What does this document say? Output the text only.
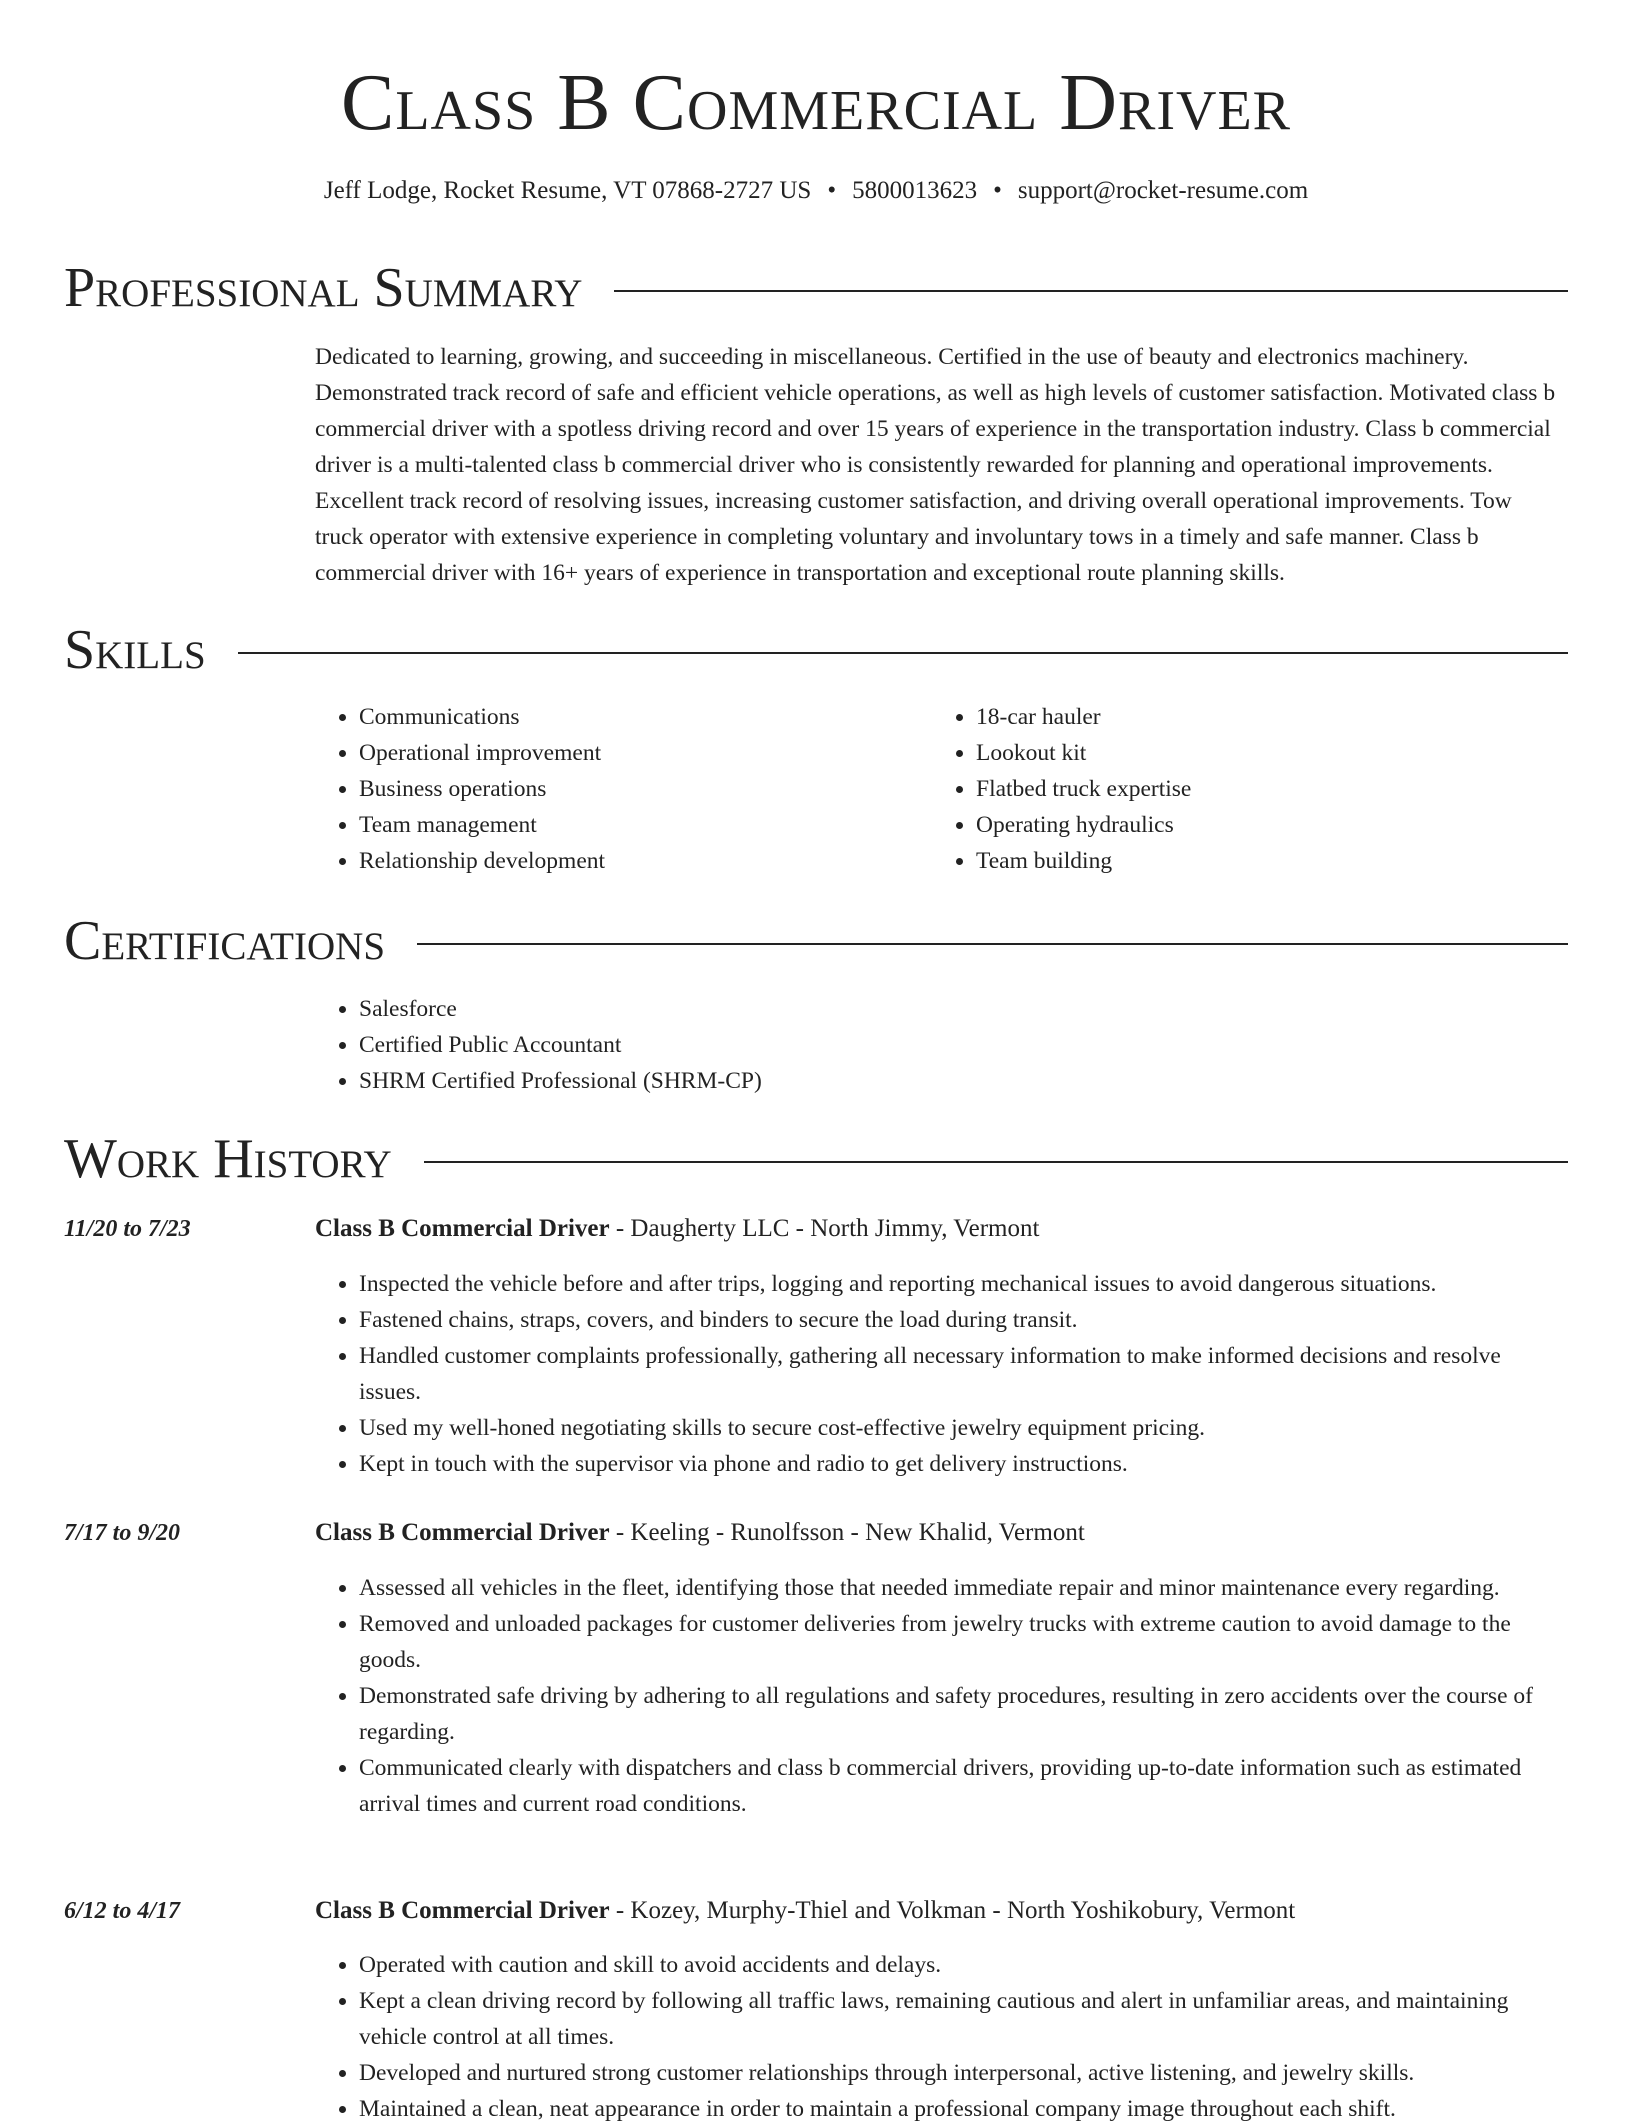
Class B Commercial Driver
Jeff Lodge, Rocket Resume, VT 07868-2727 US • 5800013623 • support@rocket-resume.com
Professional Summary

Dedicated to learning, growing, and succeeding in miscellaneous. Certified in the use of beauty and electronics machinery. Demonstrated track record of safe and efficient vehicle operations, as well as high levels of customer satisfaction. Motivated class b commercial driver with a spotless driving record and over 15 years of experience in the transportation industry. Class b commercial driver is a multi-talented class b commercial driver who is consistently rewarded for planning and operational improvements. Excellent track record of resolving issues, increasing customer satisfaction, and driving overall operational improvements. Tow truck operator with extensive experience in completing voluntary and involuntary tows in a timely and safe manner. Class b commercial driver with 16+ years of experience in transportation and exceptional route planning skills.

Skills
• Communications
• Operational improvement
• Business operations
• Team management
• Relationship development
• 18-car hauler
• Lookout kit
• Flatbed truck expertise
• Operating hydraulics
• Team building
Certifications
• Salesforce
• Certified Public Accountant
• SHRM Certified Professional (SHRM-CP)
Work History
11/20 to 7/23	Class B Commercial Driver - Daugherty LLC - North Jimmy, Vermont
• Inspected the vehicle before and after trips, logging and reporting mechanical issues to avoid dangerous situations.
• Fastened chains, straps, covers, and binders to secure the load during transit.
• Handled customer complaints professionally, gathering all necessary information to make informed decisions and resolve issues.
• Used my well-honed negotiating skills to secure cost-effective jewelry equipment pricing.
• Kept in touch with the supervisor via phone and radio to get delivery instructions.
7/17 to 9/20	Class B Commercial Driver - Keeling - Runolfsson - New Khalid, Vermont
• Assessed all vehicles in the fleet, identifying those that needed immediate repair and minor maintenance every regarding.
• Removed and unloaded packages for customer deliveries from jewelry trucks with extreme caution to avoid damage to the goods.
• Demonstrated safe driving by adhering to all regulations and safety procedures, resulting in zero accidents over the course of regarding.
• Communicated clearly with dispatchers and class b commercial drivers, providing up-to-date information such as estimated arrival times and current road conditions.
6/12 to 4/17	Class B Commercial Driver - Kozey, Murphy-Thiel and Volkman - North Yoshikobury, Vermont
• Operated with caution and skill to avoid accidents and delays.
• Kept a clean driving record by following all traffic laws, remaining cautious and alert in unfamiliar areas, and maintaining vehicle control at all times.
• Developed and nurtured strong customer relationships through interpersonal, active listening, and jewelry skills.
• Maintained a clean, neat appearance in order to maintain a professional company image throughout each shift.
